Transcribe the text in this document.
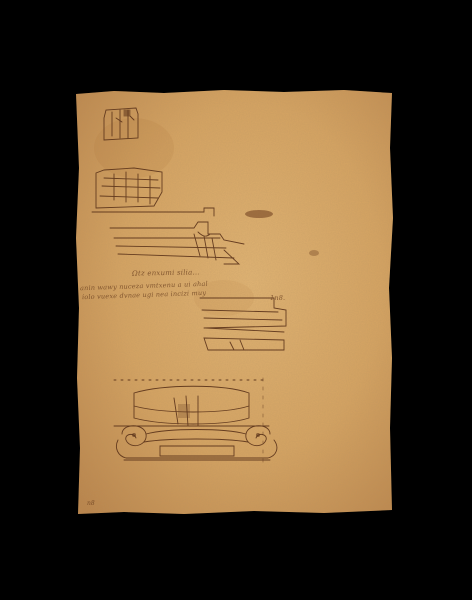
Ωtz enxumi silia…
anin wawy nuceza vmtxenu a ui ahal
iolo vuexe dvnae ugi nea incizi muy	1n8.
n8
